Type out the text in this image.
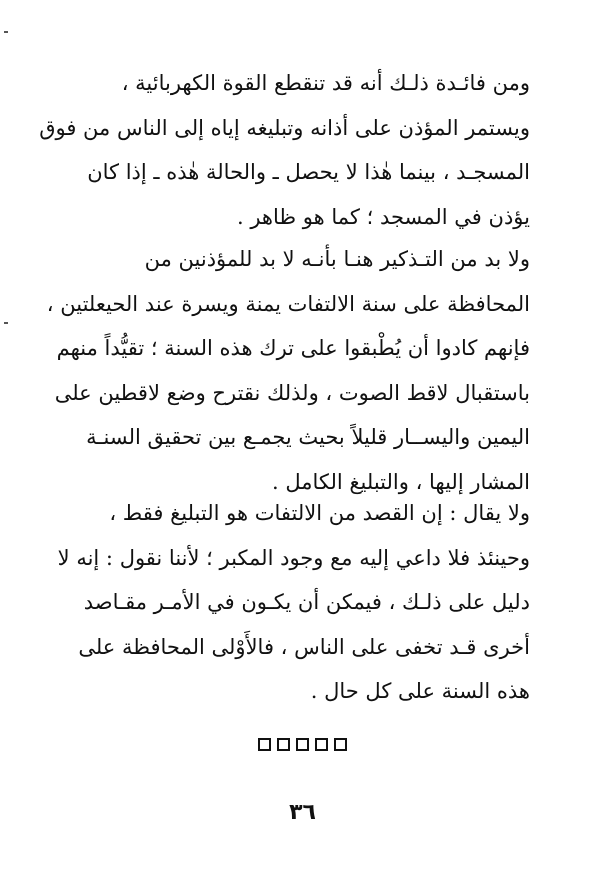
ومن فائـدة ذلـك أنه قد تنقطع القوة الكهربائية ،
ويستمر المؤذن على أذانه وتبليغه إياه إلى الناس من فوق
المسجـد ، بينما هٰذا لا يحصل ـ والحالة هٰذه ـ إذا كان
يؤذن في المسجد ؛ كما هو ظاهر .

ولا بد من التـذكير هنـا بأنـه لا بد للمؤذنين من
المحافظة على سنة الالتفات يمنة ويسرة عند الحيعلتين ،
فإنهم كادوا أن يُطْبقوا على ترك هذه السنة ؛ تقيُّداً منهم
باستقبال لاقط الصوت ، ولذلك نقترح وضع لاقطين على
اليمين واليســار قليلاً بحيث يجمـع بين تحقيق السنـة
المشار إليها ، والتبليغ الكامل .

ولا يقال : إن القصد من الالتفات هو التبليغ فقط ،
وحينئذ فلا داعي إليه مع وجود المكبر ؛ لأننا نقول : إنه لا
دليل على ذلـك ، فيمكن أن يكـون في الأمـر مقـاصد
أخرى قـد تخفى على الناس ، فالأَوْلى المحافظة على
هذه السنة على كل حال .

٣٦
